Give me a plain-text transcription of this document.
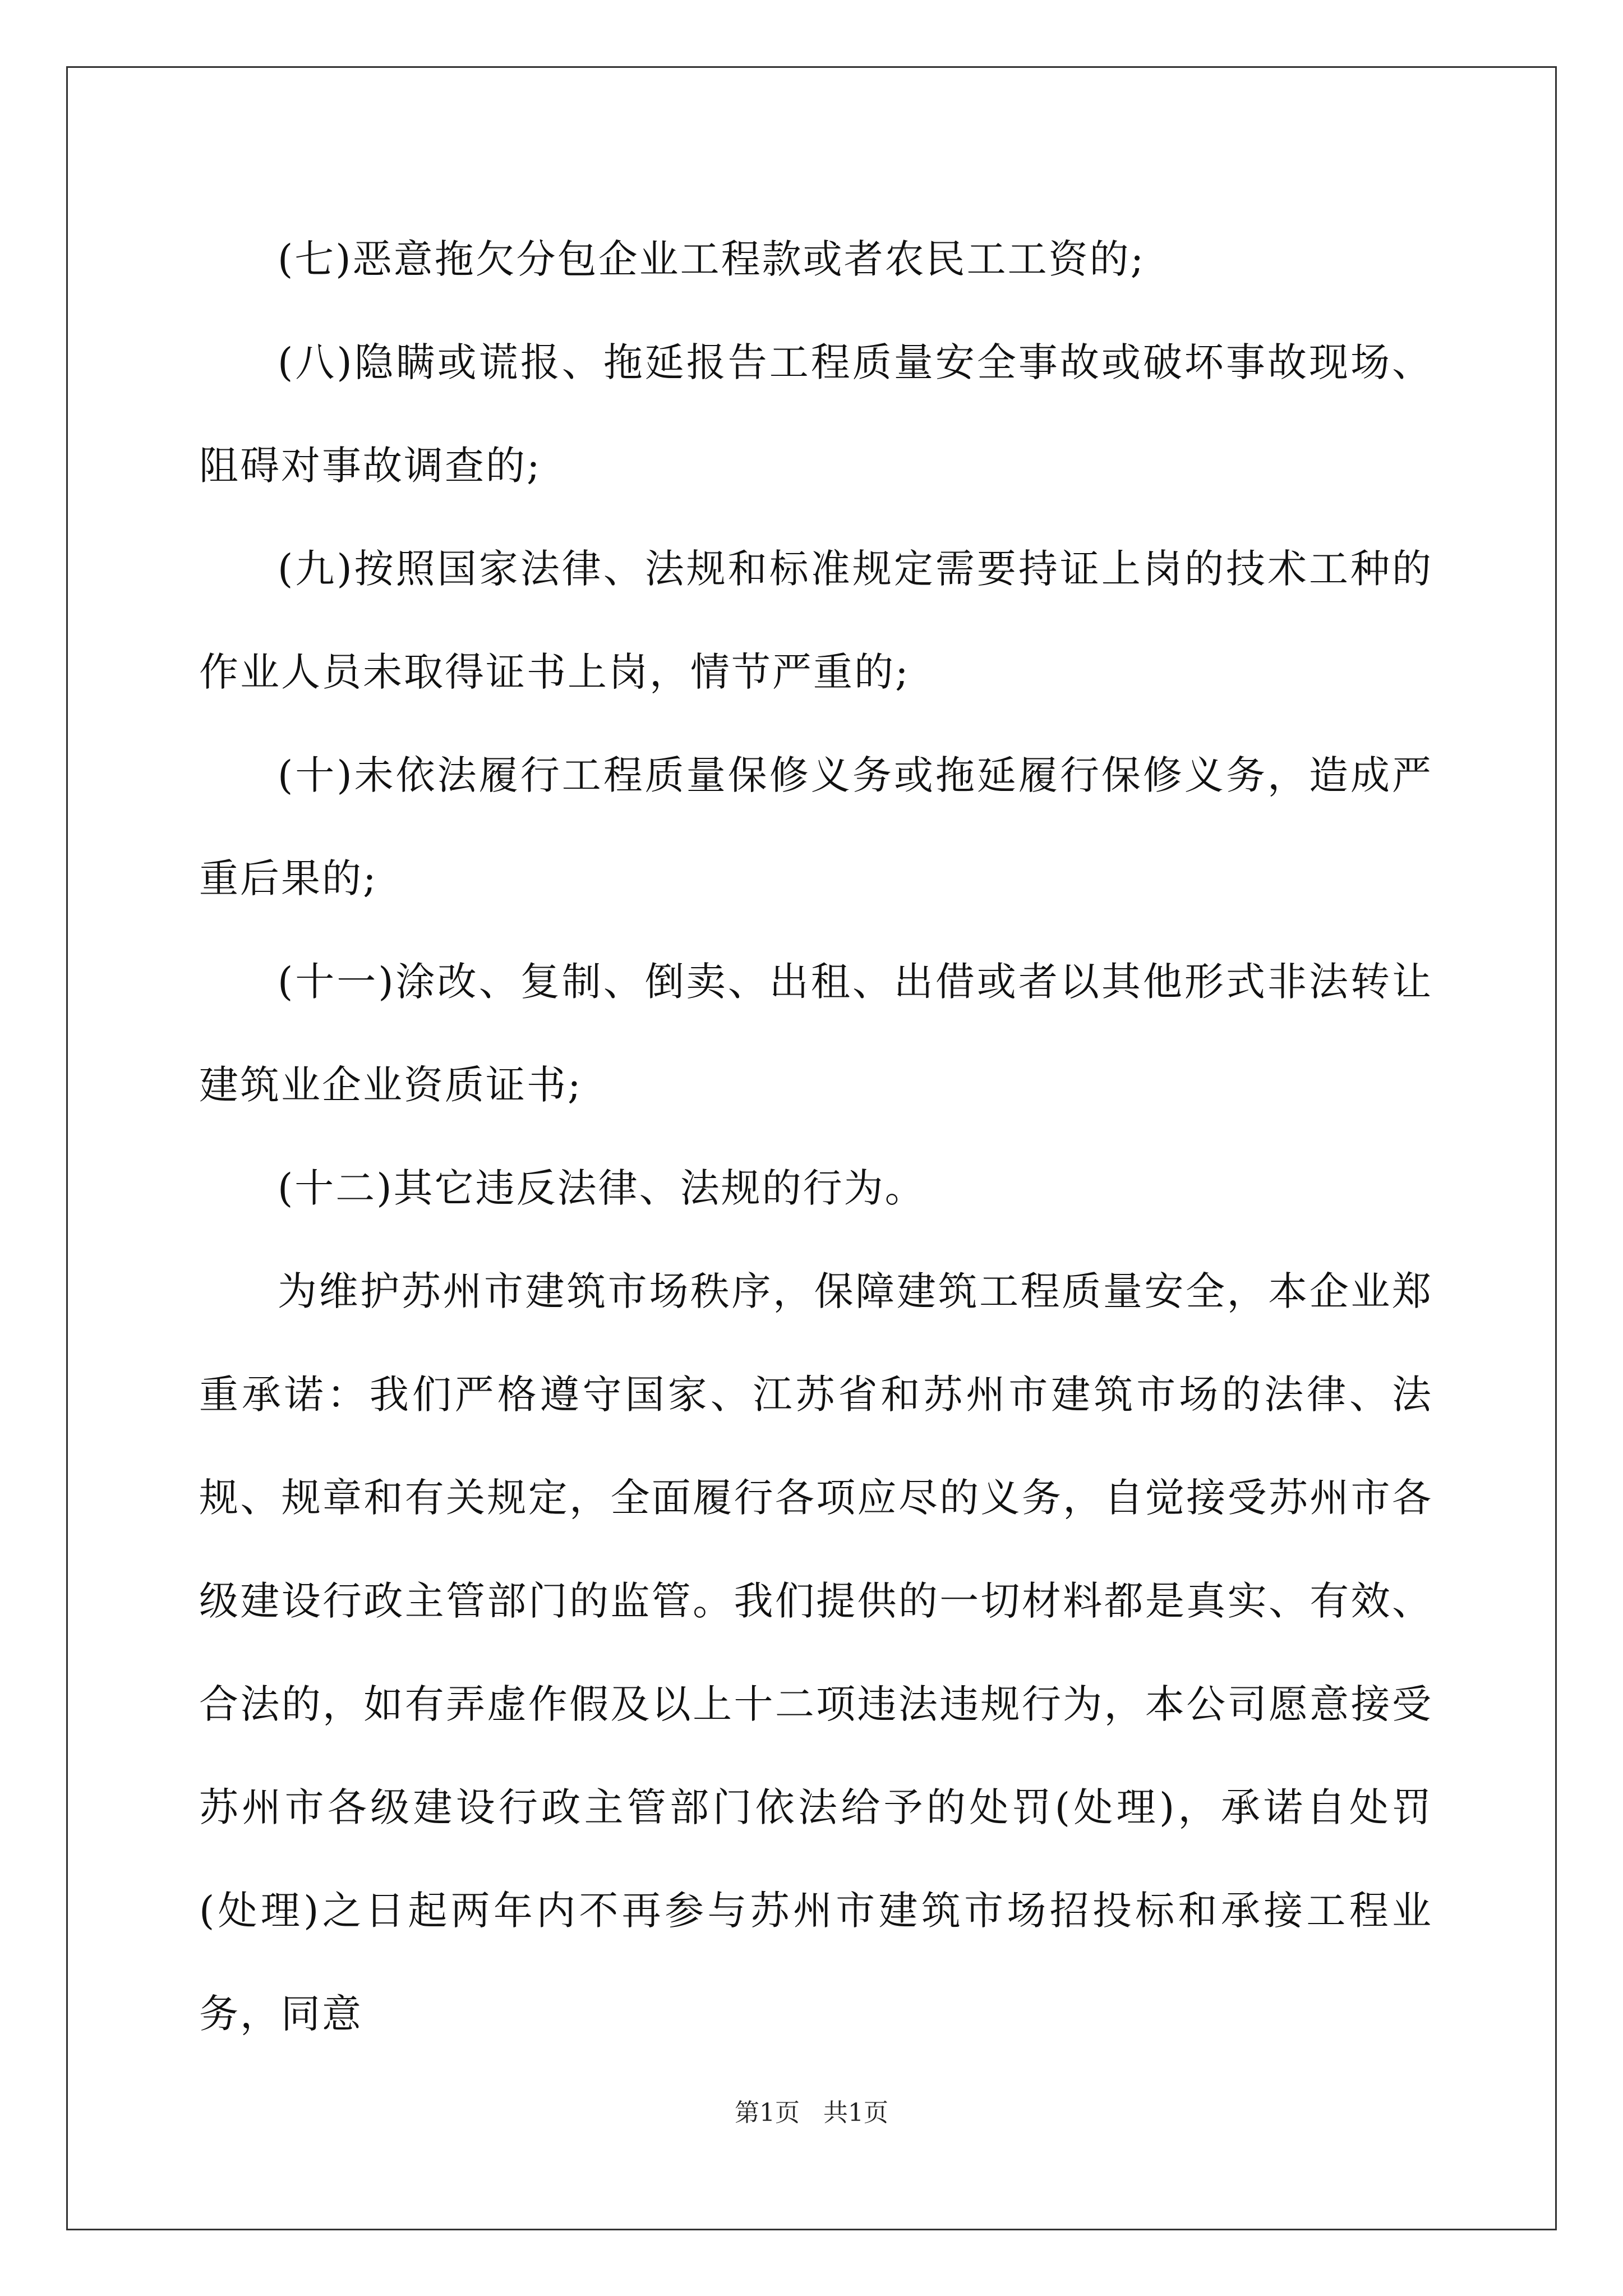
(七)恶意拖欠分包企业工程款或者农民工工资的;

(八)隐瞒或谎报、拖延报告工程质量安全事故或破坏事故现场、阻碍对事故调查的;

(九)按照国家法律、法规和标准规定需要持证上岗的技术工种的作业人员未取得证书上岗，情节严重的;

(十)未依法履行工程质量保修义务或拖延履行保修义务，造成严重后果的;

(十一)涂改、复制、倒卖、出租、出借或者以其他形式非法转让建筑业企业资质证书;

(十二)其它违反法律、法规的行为。

为维护苏州市建筑市场秩序，保障建筑工程质量安全，本企业郑重承诺：我们严格遵守国家、江苏省和苏州市建筑市场的法律、法规、规章和有关规定，全面履行各项应尽的义务，自觉接受苏州市各级建设行政主管部门的监管。我们提供的一切材料都是真实、有效、合法的，如有弄虚作假及以上十二项违法违规行为，本公司愿意接受苏州市各级建设行政主管部门依法给予的处罚(处理)，承诺自处罚(处理)之日起两年内不再参与苏州市建筑市场招投标和承接工程业务，同意

第1页 共1页
